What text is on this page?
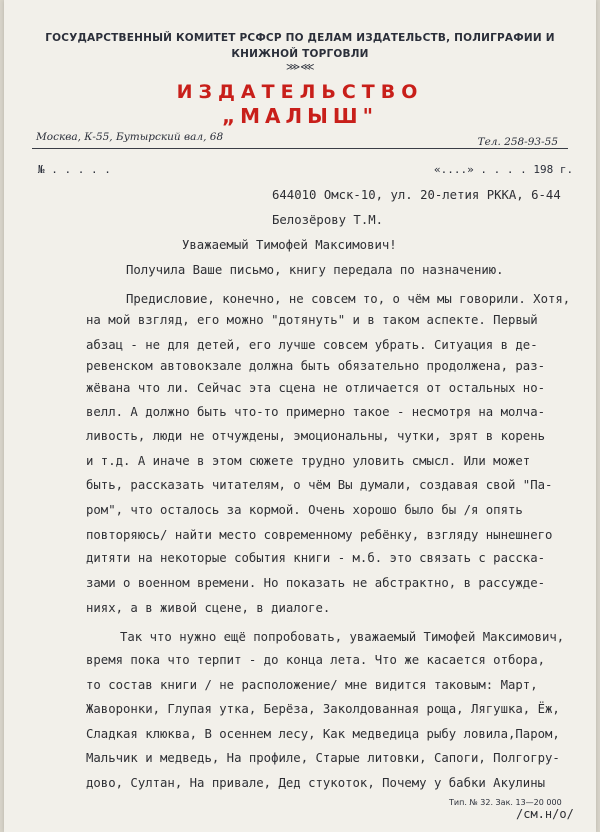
ГОСУДАРСТВЕННЫЙ КОМИТЕТ РСФСР ПО ДЕЛАМ ИЗДАТЕЛЬСТВ, ПОЛИГРАФИИ И
КНИЖНОЙ ТОРГОВЛИ
⋙⋘
ИЗДАТЕЛЬСТВО
„МАЛЫШ"
Москва, К-55, Бутырский вал, 68	Тел. 258-93-55
№ . . . . .	«....» . . . . 198 г.
644010 Омск-10, ул. 20-летия РККА, 6-44
Белозёрову Т.М.
Уважаемый Тимофей Максимович!
Получила Ваше письмо, книгу передала по назначению.
Предисловие, конечно, не совсем то, о чём мы говорили. Хотя,
на мой взгляд, его можно "дотянуть" и в таком аспекте. Первый
абзац - не для детей, его лучше совсем убрать. Ситуация в де-
ревенском автовокзале должна быть обязательно продолжена, раз-
жёвана что ли. Сейчас эта сцена не отличается от остальных но-
велл. А должно быть что-то примерно такое - несмотря на молча-
ливость, люди не отчуждены, эмоциональны, чутки, зрят в корень
и т.д. А иначе в этом сюжете трудно уловить смысл. Или может
быть, рассказать читателям, о чём Вы думали, создавая свой "Па-
ром", что осталось за кормой. Очень хорошо было бы /я опять
повторяюсь/ найти место современному ребёнку, взгляду нынешнего
дитяти на некоторые события книги - м.б. это связать с расска-
зами о военном времени. Но показать не абстрактно, в рассужде-
ниях, а в живой сцене, в диалоге.
Так что нужно ещё попробовать, уважаемый Тимофей Максимович,
время пока что терпит - до конца лета. Что же касается отбора,
то состав книги / не расположение/ мне видится таковым: Март,
Жаворонки, Глупая утка, Берёза, Заколдованная роща, Лягушка, Ёж,
Сладкая клюква, В осеннем лесу, Как медведица рыбу ловила,Паром,
Мальчик и медведь, На профиле, Старые литовки, Сапоги, Полгогру-
дово, Султан, На привале, Дед стукоток, Почему у бабки Акулины
Тип. № 32. Зак. 13—20 000
/см.н/о/
